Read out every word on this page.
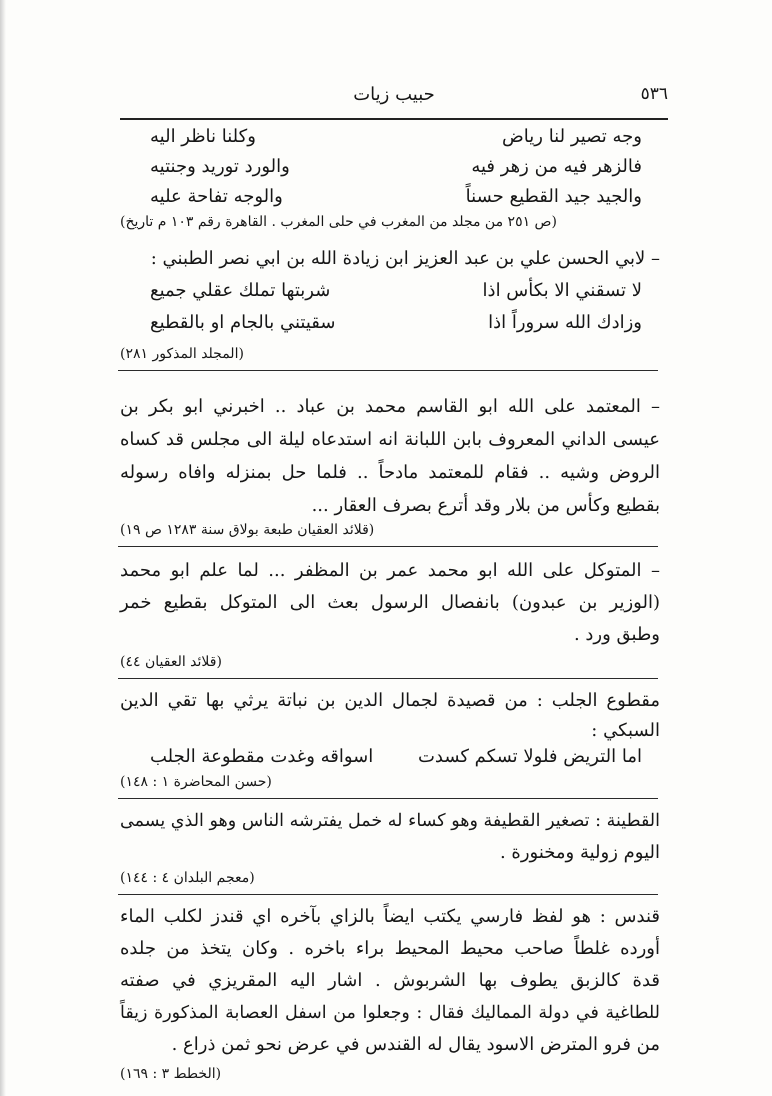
٥٣٦
حبيب زيات
وجه تصير لنا رياض
وكلنا ناظر اليه
فالزهر فيه من زهر فيه
والورد توريد وجنتيه
والجيد جيد القطيع حسناً
والوجه تفاحة عليه
(ص ٢٥١ من مجلد من المغرب في حلى المغرب . القاهرة رقم ١٠٣ م تاريخ)
– لابي الحسن علي بن عبد العزيز ابن زيادة الله بن ابي نصر الطبني :
لا تسقني الا بكأس اذا
شربتها تملك عقلي جميع
وزادك الله سروراً اذا
سقيتني بالجام او بالقطيع
(المجلد المذكور ٢٨١)
– المعتمد على الله ابو القاسم محمد بن عباد .. اخبرني ابو بكر بن
عيسى الداني المعروف بابن اللبانة انه استدعاه ليلة الى مجلس قد كساه
الروض وشيه .. فقام للمعتمد مادحاً .. فلما حل بمنزله وافاه رسوله
بقطيع وكأس من بلار وقد أترع بصرف العقار ...
(قلائد العقيان طبعة بولاق سنة ١٢٨٣ ص ١٩)
– المتوكل على الله ابو محمد عمر بن المظفر ... لما علم ابو محمد
(الوزير بن عبدون) بانفصال الرسول بعث الى المتوكل بقطيع خمر
وطبق ورد .
(قلائد العقيان ٤٤)
مقطوع الجلب : من قصيدة لجمال الدين بن نباتة يرثي بها تقي الدين
السبكي :
اما التريض فلولا تسكم كسدت
اسواقه وغدت مقطوعة الجلب
(حسن المحاضرة ١ : ١٤٨)
القطينة : تصغير القطيفة وهو كساء له خمل يفترشه الناس وهو الذي يسمى
اليوم زولية ومخنورة .
(معجم البلدان ٤ : ١٤٤)
قندس : هو لفظ فارسي يكتب ايضاً بالزاي بآخره اي قندز لكلب الماء
أورده غلطاً صاحب محيط المحيط براء باخره . وكان يتخذ من جلده
قدة كالزبق يطوف بها الشربوش . اشار اليه المقريزي في صفته
للطاغية في دولة المماليك فقال : وجعلوا من اسفل العصابة المذكورة زيقاً
من فرو المترض الاسود يقال له القندس في عرض نحو ثمن ذراع .
(الخطط ٣ : ١٦٩)
